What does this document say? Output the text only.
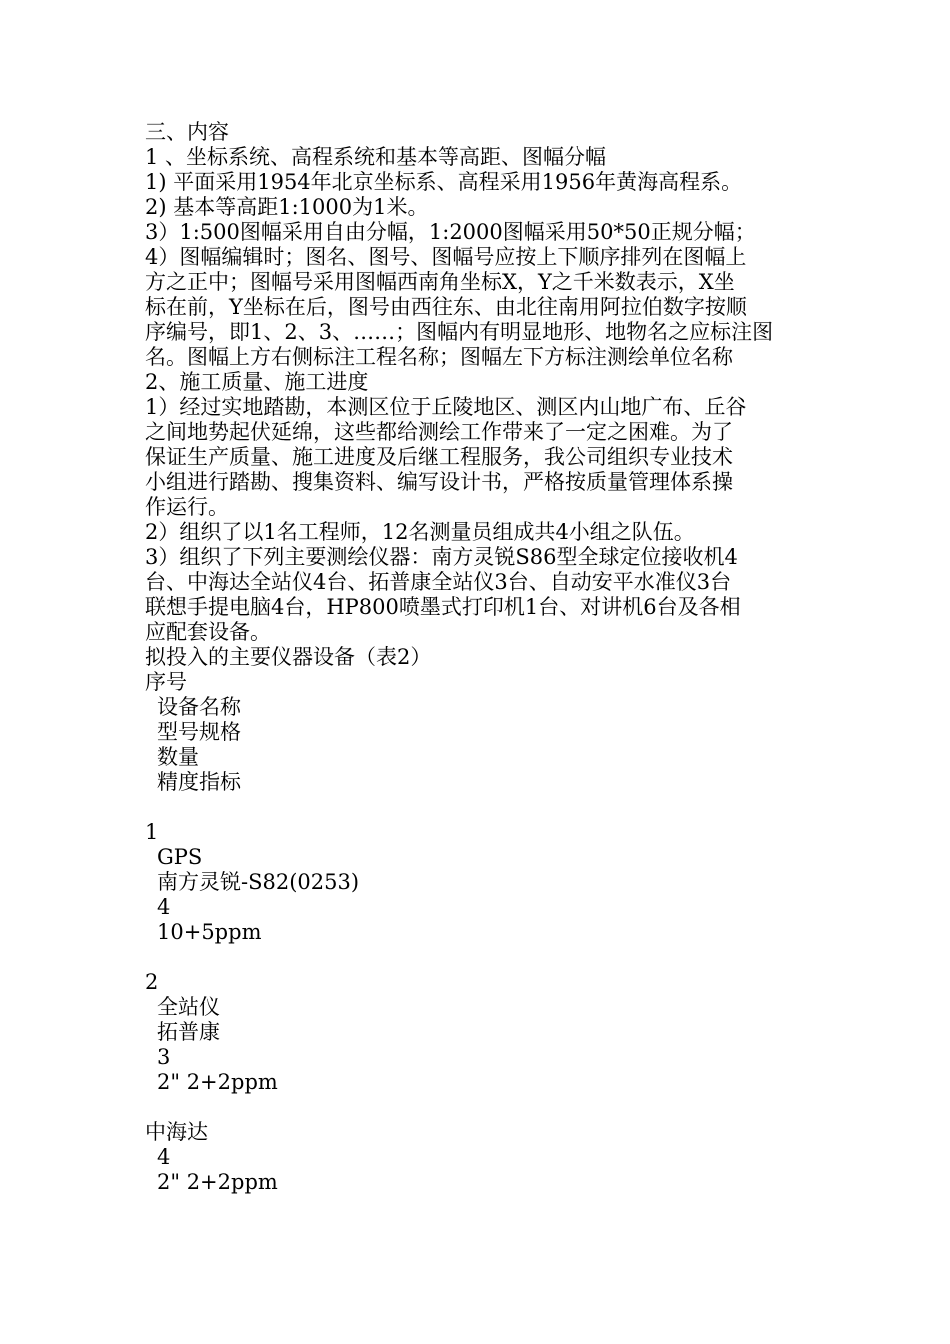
三、内容
1 、坐标系统、高程系统和基本等高距、图幅分幅
1) 平面采用1954年北京坐标系、高程采用1956年黄海高程系。
2) 基本等高距1:1000为1米。
3）1:500图幅采用自由分幅，1:2000图幅采用50*50正规分幅；
4）图幅编辑时；图名、图号、图幅号应按上下顺序排列在图幅上
方之正中；图幅号采用图幅西南角坐标X，Y之千米数表示，X坐
标在前，Y坐标在后，图号由西往东、由北往南用阿拉伯数字按顺
序编号，即1、2、3、……；图幅内有明显地形、地物名之应标注图
名。图幅上方右侧标注工程名称；图幅左下方标注测绘单位名称
2、施工质量、施工进度
1）经过实地踏勘，本测区位于丘陵地区、测区内山地广布、丘谷
之间地势起伏延绵，这些都给测绘工作带来了一定之困难。为了
保证生产质量、施工进度及后继工程服务，我公司组织专业技术
小组进行踏勘、搜集资料、编写设计书，严格按质量管理体系操
作运行。
2）组织了以1名工程师，12名测量员组成共4小组之队伍。
3）组织了下列主要测绘仪器：南方灵锐S86型全球定位接收机4
台、中海达全站仪4台、拓普康全站仪3台、自动安平水准仪3台
联想手提电脑4台，HP800喷墨式打印机1台、对讲机6台及各相
应配套设备。
拟投入的主要仪器设备（表2）
序号
设备名称
型号规格
数量
精度指标
1
GPS
南方灵锐-S82(0253)
4
10+5ppm
2
全站仪
拓普康
3
2" 2+2ppm
中海达
4
2" 2+2ppm
